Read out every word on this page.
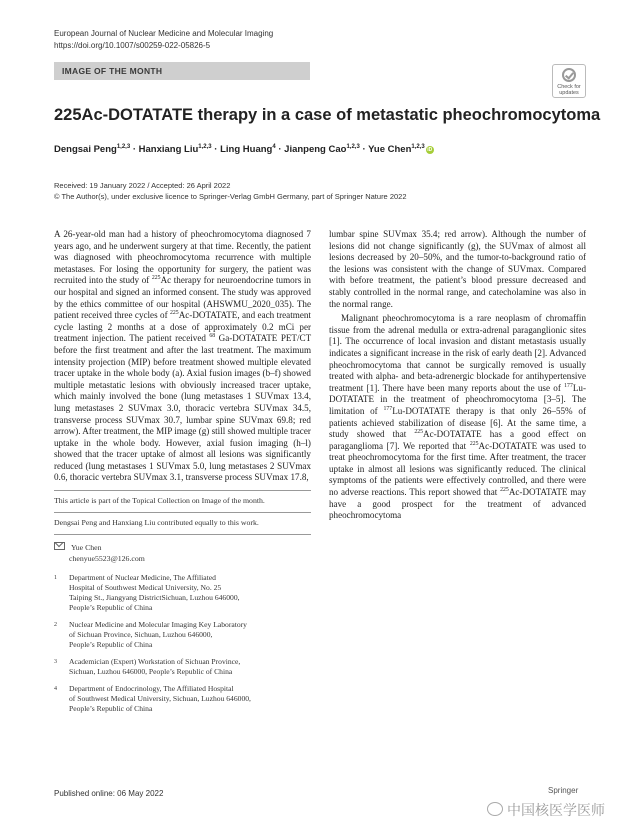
European Journal of Nuclear Medicine and Molecular Imaging
https://doi.org/10.1007/s00259-022-05826-5
IMAGE OF THE MONTH
Check for
updates
225Ac-DOTATATE therapy in a case of metastatic pheochromocytoma
Dengsai Peng$^{1,2,3}$ · Hanxiang Liu$^{1,2,3}$ · Ling Huang$^4$ · Jianpeng Cao$^{1,2,3}$ · Yue Chen$^{1,2,3}$iD
Received: 19 January 2022 / Accepted: 26 April 2022
© The Author(s), under exclusive licence to Springer-Verlag GmbH Germany, part of Springer Nature 2022

A 26-year-old man had a history of pheochromocytoma diagnosed 7 years ago, and he underwent surgery at that time. Recently, the patient was diagnosed with pheochromocytoma recurrence with multiple metastases. For losing the opportunity for surgery, the patient was recruited into the study of $^{225}$Ac therapy for neuroendocrine tumors in our hospital and signed an informed consent. The study was approved by the ethics committee of our hospital (AHSWMU_2020_035). The patient received three cycles of $^{225}$Ac-DOTATATE, and each treatment cycle lasting 2 months at a dose of approximately 0.2 mCi per treatment injection. The patient received $^{68}$ Ga-DOTATATE PET/CT before the first treatment and after the last treatment. The maximum intensity projection (MIP) before treatment showed multiple elevated tracer uptake in the whole body (a). Axial fusion images (b–f) showed multiple metastatic lesions with obviously increased tracer uptake, which mainly involved the bone (lung metastases 1 SUVmax 13.4, lung metastases 2 SUVmax 3.0, thoracic vertebra SUVmax 34.5, transverse process SUVmax 30.7, lumbar spine SUVmax 69.8; red arrow). After treatment, the MIP image (g) still showed multiple tracer uptake in the whole body. However, axial fusion imaging (h–l) showed that the tracer uptake of almost all lesions was significantly reduced (lung metastases 1 SUVmax 5.0, lung metastases 2 SUVmax 0.6, thoracic vertebra SUVmax 3.1, transverse process SUVmax 17.8,

lumbar spine SUVmax 35.4; red arrow). Although the number of lesions did not change significantly (g), the SUVmax of almost all lesions decreased by 20–50%, and the tumor-to-background ratio of the lesions was consistent with the change of SUVmax. Compared with before treatment, the patient’s blood pressure decreased and stably controlled in the normal range, and catecholamine was also in the normal range.

Malignant pheochromocytoma is a rare neoplasm of chromaffin tissue from the adrenal medulla or extra-adrenal paraganglionic sites [1]. The occurrence of local invasion and distant metastasis usually indicates a significant increase in the risk of early death [2]. Advanced pheochromocytoma that cannot be surgically removed is usually treated with alpha- and beta-adrenergic blockade for antihypertensive treatment [1]. There have been many reports about the use of $^{177}$Lu-DOTATATE in the treatment of pheochromocytoma [3–5]. The limitation of $^{177}$Lu-DOTATATE therapy is that only 26–55% of patients achieved stabilization of disease [6]. At the same time, a study showed that $^{225}$Ac-DOTATATE has a good effect on paraganglioma [7]. We reported that $^{225}$Ac-DOTATATE was used to treat pheochromocytoma for the first time. After treatment, the tracer uptake in almost all lesions was significantly reduced. The clinical symptoms of the patients were effectively controlled, and there were no adverse reactions. This report showed that $^{225}$Ac-DOTATATE may have a good prospect for the treatment of advanced pheochromocytoma

This article is part of the Topical Collection on Image of the month.
Dengsai Peng and Hanxiang Liu contributed equally to this work.
Yue Chen
chenyue5523@126.com
1 Department of Nuclear Medicine, The Affiliated
Hospital of Southwest Medical University, No. 25
Taiping St., Jiangyang DistrictSichuan, Luzhou 646000,
People’s Republic of China
2 Nuclear Medicine and Molecular Imaging Key Laboratory
of Sichuan Province, Sichuan, Luzhou 646000,
People’s Republic of China
3 Academician (Expert) Workstation of Sichuan Province,
Sichuan, Luzhou 646000, People’s Republic of China
4 Department of Endocrinology, The Affiliated Hospital
of Southwest Medical University, Sichuan, Luzhou 646000,
People’s Republic of China
Published online: 06 May 2022
中国核医学医师
Springer
